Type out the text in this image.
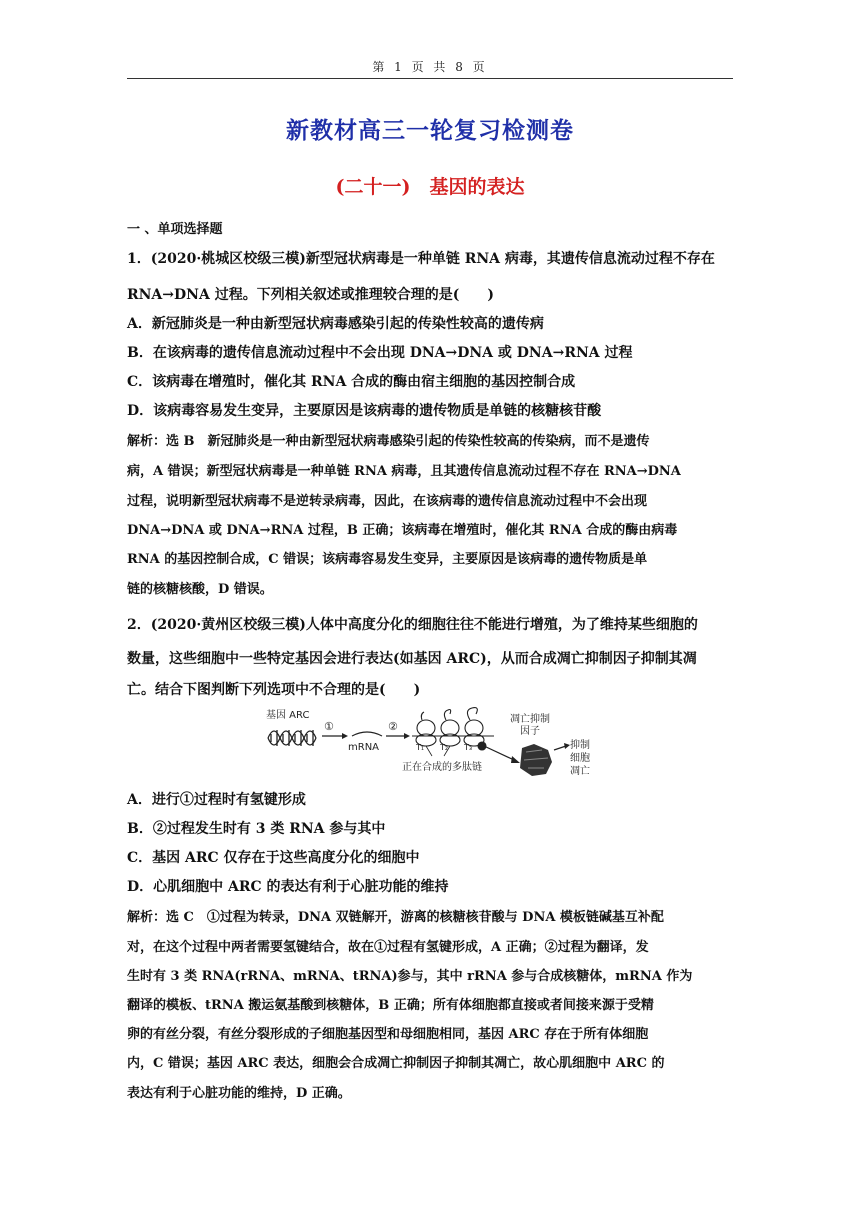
第 1 页 共 8 页
新教材高三一轮复习检测卷
(二十一)　基因的表达
一 、单项选择题
1．(2020·桃城区校级三模)新型冠状病毒是一种单链 RNA 病毒，其遗传信息流动过程不存在
RNA→DNA 过程。下列相关叙述或推理较合理的是(　　)
A．新冠肺炎是一种由新型冠状病毒感染引起的传染性较高的遗传病
B．在该病毒的遗传信息流动过程中不会出现 DNA→DNA 或 DNA→RNA 过程
C．该病毒在增殖时，催化其 RNA 合成的酶由宿主细胞的基因控制合成
D．该病毒容易发生变异，主要原因是该病毒的遗传物质是单链的核糖核苷酸
解析：选 B　新冠肺炎是一种由新型冠状病毒感染引起的传染性较高的传染病，而不是遗传
病，A 错误；新型冠状病毒是一种单链 RNA 病毒，且其遗传信息流动过程不存在 RNA→DNA
过程，说明新型冠状病毒不是逆转录病毒，因此，在该病毒的遗传信息流动过程中不会出现
DNA→DNA 或 DNA→RNA 过程，B 正确；该病毒在增殖时，催化其 RNA 合成的酶由病毒
RNA 的基因控制合成，C 错误；该病毒容易发生变异，主要原因是该病毒的遗传物质是单
链的核糖核酸，D 错误。
2．(2020·黄州区校级三模)人体中高度分化的细胞往往不能进行增殖，为了维持某些细胞的
数量，这些细胞中一些特定基因会进行表达(如基因 ARC)，从而合成凋亡抑制因子抑制其凋
亡。结合下图判断下列选项中不合理的是(　　)
基因 ARC
①
mRNA
②
T₁ T₂ T₃
正在合成的多肽链
凋亡抑制
因子
抑制
细胞
凋亡
A．进行①过程时有氢键形成
B．②过程发生时有 3 类 RNA 参与其中
C．基因 ARC 仅存在于这些高度分化的细胞中
D．心肌细胞中 ARC 的表达有利于心脏功能的维持
解析：选 C　①过程为转录，DNA 双链解开，游离的核糖核苷酸与 DNA 模板链碱基互补配
对，在这个过程中两者需要氢键结合，故在①过程有氢键形成，A 正确；②过程为翻译，发
生时有 3 类 RNA(rRNA、mRNA、tRNA)参与，其中 rRNA 参与合成核糖体，mRNA 作为
翻译的模板、tRNA 搬运氨基酸到核糖体，B 正确；所有体细胞都直接或者间接来源于受精
卵的有丝分裂，有丝分裂形成的子细胞基因型和母细胞相同，基因 ARC 存在于所有体细胞
内，C 错误；基因 ARC 表达，细胞会合成凋亡抑制因子抑制其凋亡，故心肌细胞中 ARC 的
表达有利于心脏功能的维持，D 正确。
